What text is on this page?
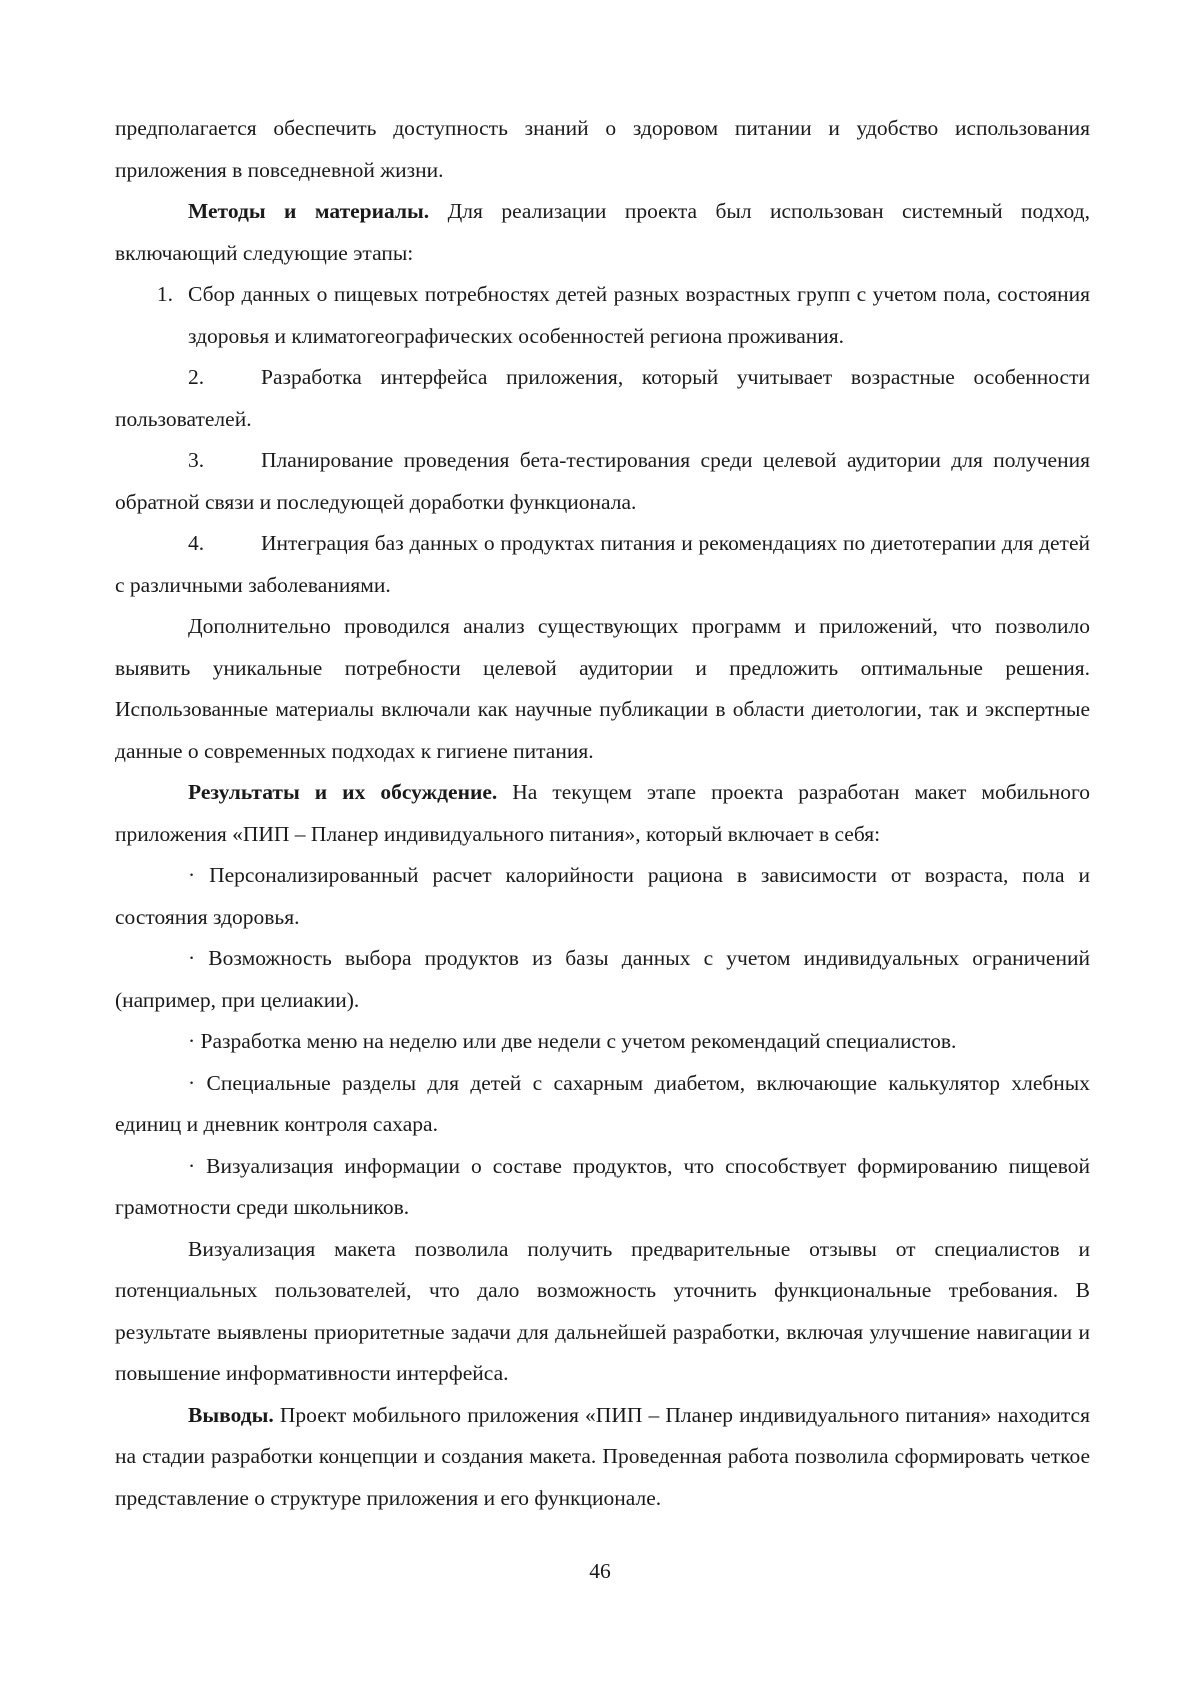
предполагается обеспечить доступность знаний о здоровом питании и удобство использования приложения в повседневной жизни.

Методы и материалы. Для реализации проекта был использован системный подход, включающий следующие этапы:

1. Сбор данных о пищевых потребностях детей разных возрастных групп с учетом пола, состояния здоровья и климатогеографических особенностей региона проживания.

2.	Разработка интерфейса приложения, который учитывает возрастные особенности пользователей.

3.	Планирование проведения бета-тестирования среди целевой аудитории для получения обратной связи и последующей доработки функционала.

4.	Интеграция баз данных о продуктах питания и рекомендациях по диетотерапии для детей с различными заболеваниями.

Дополнительно проводился анализ существующих программ и приложений, что позволило выявить уникальные потребности целевой аудитории и предложить оптимальные решения. Использованные материалы включали как научные публикации в области диетологии, так и экспертные данные о современных подходах к гигиене питания.

Результаты и их обсуждение. На текущем этапе проекта разработан макет мобильного приложения «ПИП – Планер индивидуального питания», который включает в себя:

· Персонализированный расчет калорийности рациона в зависимости от возраста, пола и состояния здоровья.

· Возможность выбора продуктов из базы данных с учетом индивидуальных ограничений (например, при целиакии).

· Разработка меню на неделю или две недели с учетом рекомендаций специалистов.

· Специальные разделы для детей с сахарным диабетом, включающие калькулятор хлебных единиц и дневник контроля сахара.

· Визуализация информации о составе продуктов, что способствует формированию пищевой грамотности среди школьников.

Визуализация макета позволила получить предварительные отзывы от специалистов и потенциальных пользователей, что дало возможность уточнить функциональные требования. В результате выявлены приоритетные задачи для дальнейшей разработки, включая улучшение навигации и повышение информативности интерфейса.

Выводы. Проект мобильного приложения «ПИП – Планер индивидуального питания» находится на стадии разработки концепции и создания макета. Проведенная работа позволила сформировать четкое представление о структуре приложения и его функционале.

46
